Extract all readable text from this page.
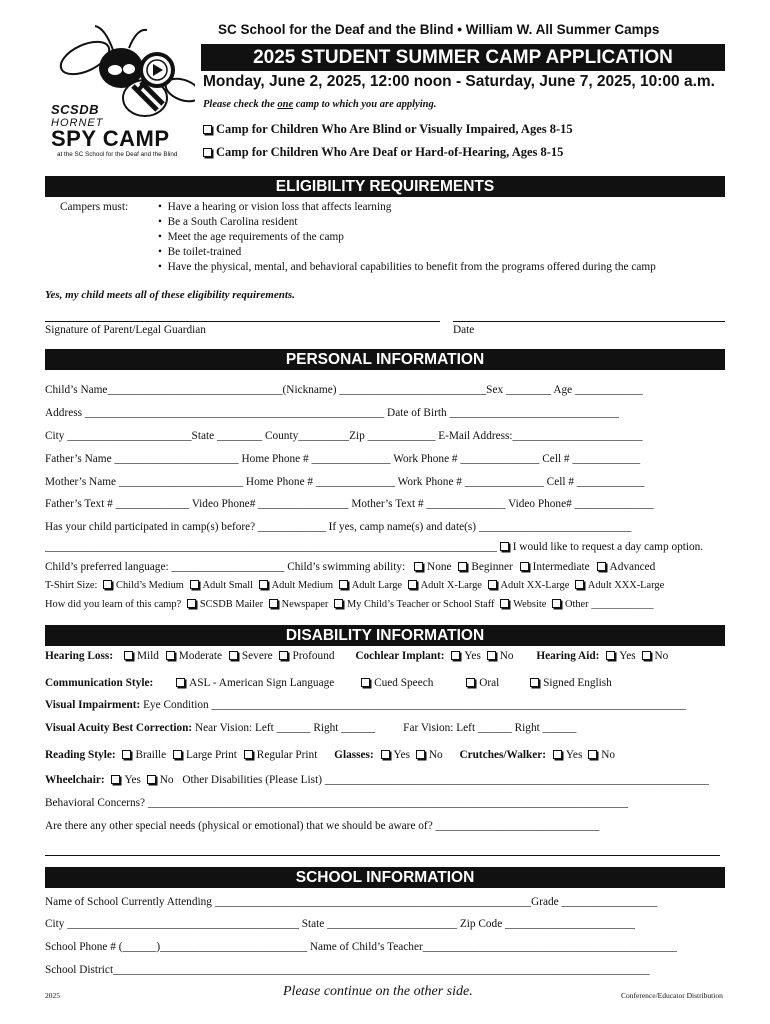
SCSDB
HORNET
SPY CAMP
at the SC School for the Deaf and the Blind
SC School for the Deaf and the Blind • William W. All Summer Camps
2025 STUDENT SUMMER CAMP APPLICATION
Monday, June 2, 2025, 12:00 noon - Saturday, June 7, 2025, 10:00 a.m.
Please check the one camp to which you are applying.
Camp for Children Who Are Blind or Visually Impaired, Ages 8-15
Camp for Children Who Are Deaf or Hard-of-Hearing, Ages 8-15
ELIGIBILITY REQUIREMENTS
Campers must:	•  Have a hearing or vision loss that affects learning
•  Be a South Carolina resident
•  Meet the age requirements of the camp
•  Be toilet-trained
•  Have the physical, mental, and behavioral capabilities to benefit from the programs offered during the camp
Yes, my child meets all of these eligibility requirements.
Signature of Parent/Legal Guardian	Date
PERSONAL INFORMATION
Child’s Name_______________________________(Nickname) __________________________Sex ________ Age ____________
Address _____________________________________________________ Date of Birth ______________________________
City ______________________State ________ County_________Zip ____________ E-Mail Address:_______________________
Father’s Name ______________________ Home Phone # ______________ Work Phone # ______________ Cell # ____________
Mother’s Name ______________________ Home Phone # ______________ Work Phone # ______________ Cell # ____________
Father’s Text # _____________ Video Phone# ________________ Mother’s Text # ______________ Video Phone# ______________
Has your child participated in camp(s) before? ____________ If yes, camp name(s) and date(s) ___________________________
________________________________________________________________________________ I would like to request a day camp option.
Child’s preferred language: ____________________ Child’s swimming ability: None Beginner Intermediate Advanced
T-Shirt Size: Child’s Medium Adult Small Adult Medium Adult Large Adult X-Large Adult XX-Large Adult XXX-Large
How did you learn of this camp? SCSDB Mailer Newspaper My Child’s Teacher or School Staff Website Other ____________
DISABILITY INFORMATION
Hearing Loss: Mild Moderate Severe Profound Cochlear Implant: Yes No Hearing Aid: Yes No
Communication Style:	ASL - American Sign Language	Cued Speech	Oral	Signed English
Visual Impairment: Eye Condition ____________________________________________________________________________________
Visual Acuity Best Correction: Near Vision: Left ______ Right ______ Far Vision: Left ______ Right ______
Reading Style: Braille Large Print Regular Print Glasses: Yes No Crutches/Walker: Yes No
Wheelchair: Yes No Other Disabilities (Please List) ____________________________________________________________________
Behavioral Concerns? _____________________________________________________________________________________
Are there any other special needs (physical or emotional) that we should be aware of? _____________________________
SCHOOL INFORMATION
Name of School Currently Attending ________________________________________________________Grade _________________
City _________________________________________ State _______________________ Zip Code _______________________
School Phone # (______)__________________________ Name of Child’s Teacher_____________________________________________
School District_______________________________________________________________________________________________
2025	Please continue on the other side.	Conference/Educator Distribution
